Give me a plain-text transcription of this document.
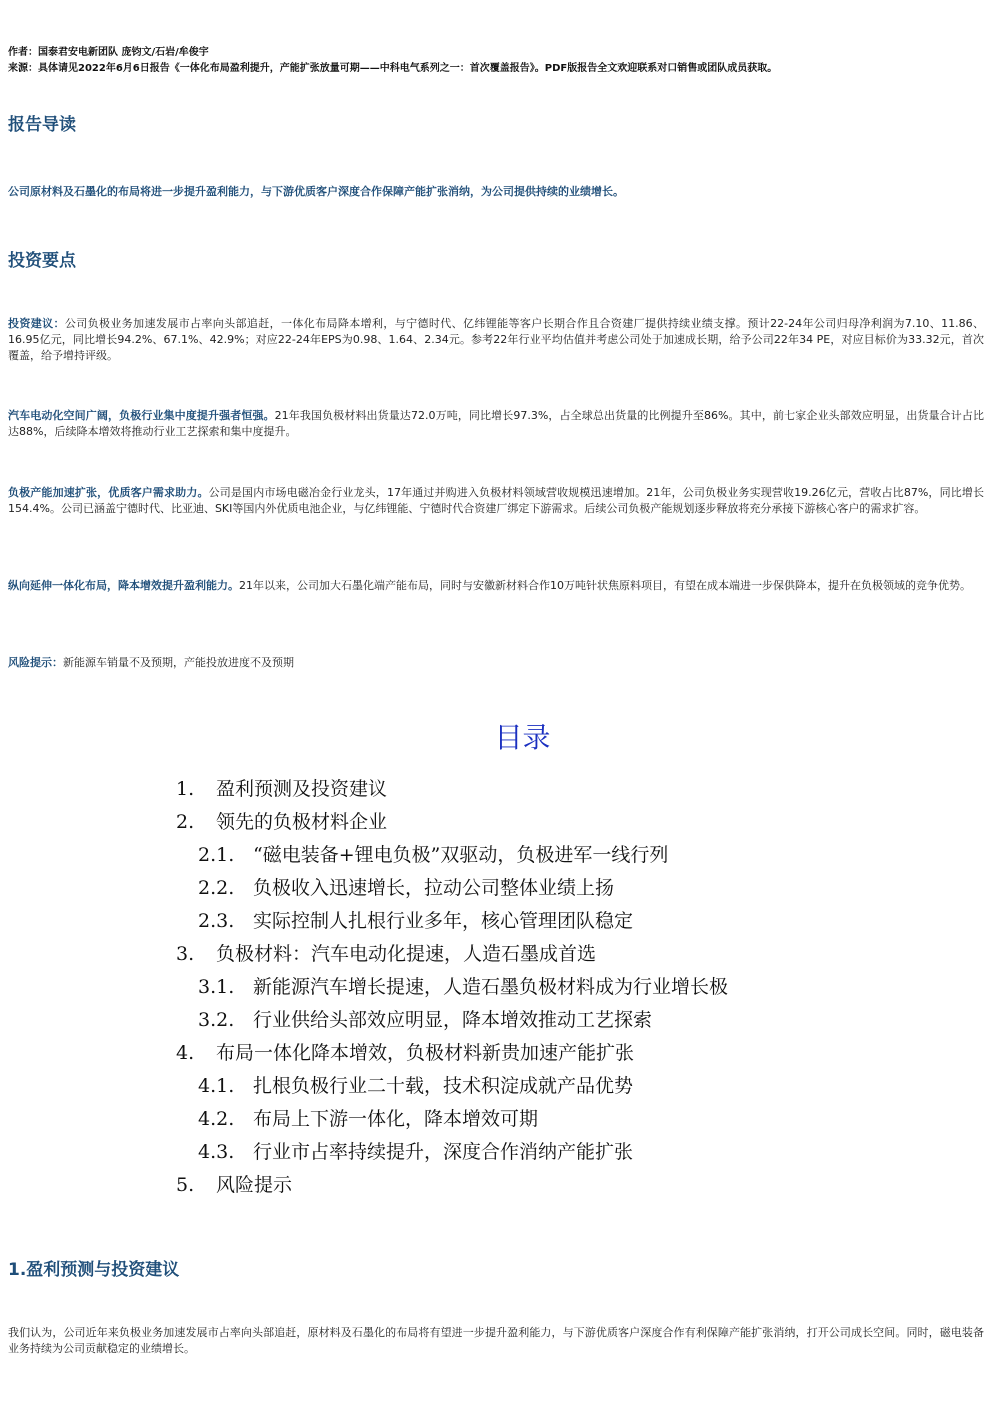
作者：国泰君安电新团队 庞钧文/石岩/牟俊宇
来源：具体请见2022年6月6日报告《一体化布局盈利提升，产能扩张放量可期——中科电气系列之一：首次覆盖报告》。PDF版报告全文欢迎联系对口销售或团队成员获取。
报告导读
公司原材料及石墨化的布局将进一步提升盈利能力，与下游优质客户深度合作保障产能扩张消纳，为公司提供持续的业绩增长。
投资要点
投资建议：公司负极业务加速发展市占率向头部追赶，一体化布局降本增利，与宁德时代、亿纬锂能等客户长期合作且合资建厂提供持续业绩支撑。预计22-24年公司归母净利润为7.10、11.86、16.95亿元，同比增长94.2%、67.1%、42.9%；对应22-24年EPS为0.98、1.64、2.34元。参考22年行业平均估值并考虑公司处于加速成长期，给予公司22年34 PE，对应目标价为33.32元，首次覆盖，给予增持评级。
汽车电动化空间广阔，负极行业集中度提升强者恒强。21年我国负极材料出货量达72.0万吨，同比增长97.3%，占全球总出货量的比例提升至86%。其中，前七家企业头部效应明显，出货量合计占比达88%，后续降本增效将推动行业工艺探索和集中度提升。
负极产能加速扩张，优质客户需求助力。公司是国内市场电磁冶金行业龙头，17年通过并购进入负极材料领域营收规模迅速增加。21年，公司负极业务实现营收19.26亿元，营收占比87%，同比增长154.4%。公司已涵盖宁德时代、比亚迪、SKI等国内外优质电池企业，与亿纬锂能、宁德时代合资建厂绑定下游需求。后续公司负极产能规划逐步释放将充分承接下游核心客户的需求扩容。
纵向延伸一体化布局，降本增效提升盈利能力。21年以来，公司加大石墨化端产能布局，同时与安徽新材料合作10万吨针状焦原料项目，有望在成本端进一步保供降本，提升在负极领域的竞争优势。
风险提示：新能源车销量不及预期，产能投放进度不及预期
目录
1. 盈利预测及投资建议
2. 领先的负极材料企业
2.1. “磁电装备+锂电负极”双驱动，负极进军一线行列
2.2. 负极收入迅速增长，拉动公司整体业绩上扬
2.3. 实际控制人扎根行业多年，核心管理团队稳定
3. 负极材料：汽车电动化提速，人造石墨成首选
3.1. 新能源汽车增长提速，人造石墨负极材料成为行业增长极
3.2. 行业供给头部效应明显，降本增效推动工艺探索
4. 布局一体化降本增效，负极材料新贵加速产能扩张
4.1. 扎根负极行业二十载，技术积淀成就产品优势
4.2. 布局上下游一体化，降本增效可期
4.3. 行业市占率持续提升，深度合作消纳产能扩张
5. 风险提示
1.盈利预测与投资建议
我们认为，公司近年来负极业务加速发展市占率向头部追赶，原材料及石墨化的布局将有望进一步提升盈利能力，与下游优质客户深度合作有利保障产能扩张消纳，打开公司成长空间。同时，磁电装备业务持续为公司贡献稳定的业绩增长。
